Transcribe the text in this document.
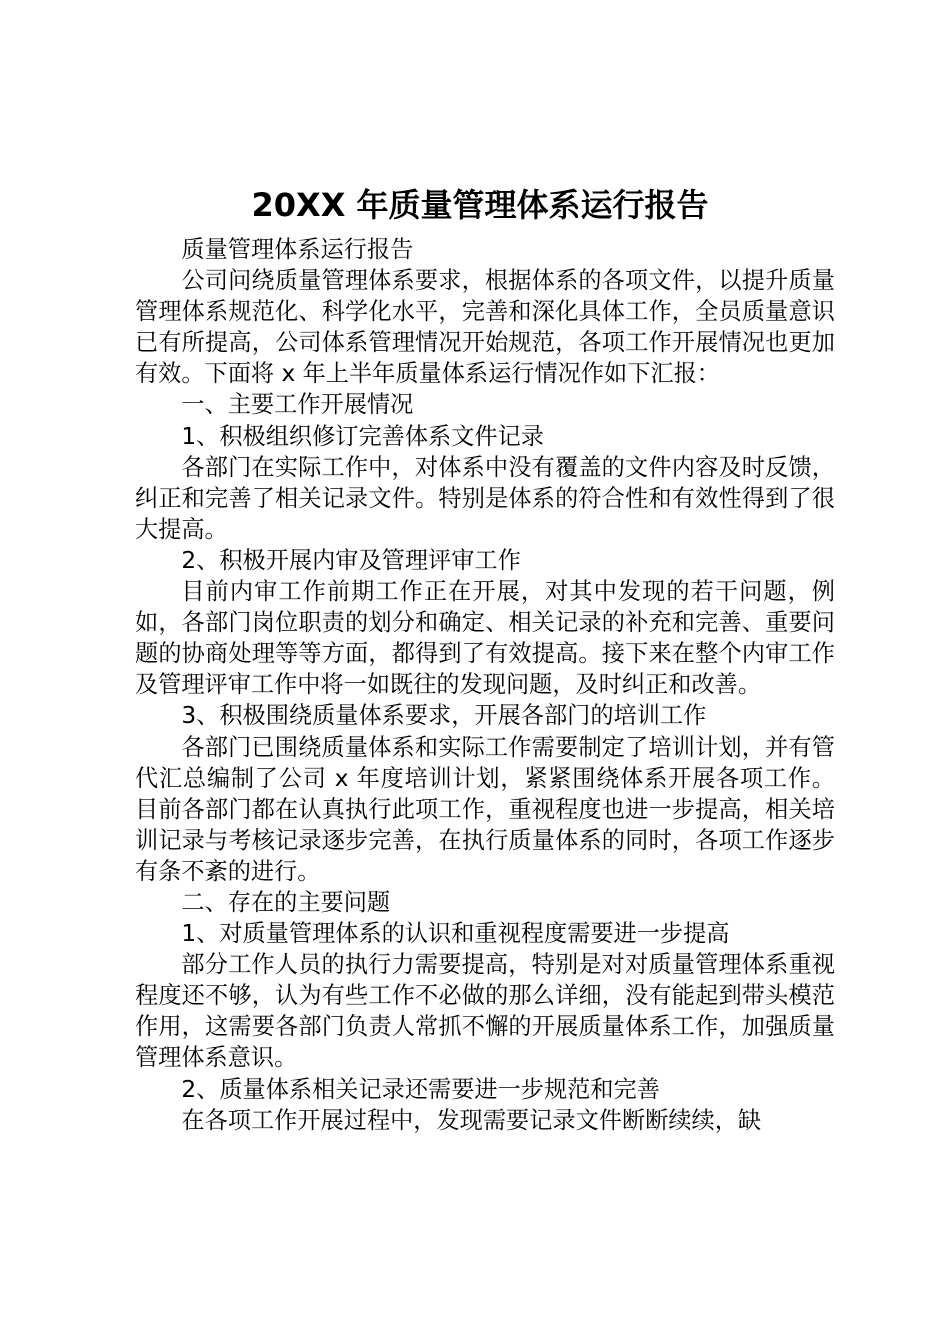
20XX 年质量管理体系运行报告

质量管理体系运行报告

公司问绕质量管理体系要求，根据体系的各项文件，以提升质量管理体系规范化、科学化水平，完善和深化具体工作，全员质量意识已有所提高，公司体系管理情况开始规范，各项工作开展情况也更加有效。下面将 x 年上半年质量体系运行情况作如下汇报：

一、主要工作开展情况

1、积极组织修订完善体系文件记录

各部门在实际工作中，对体系中没有覆盖的文件内容及时反馈，纠正和完善了相关记录文件。特别是体系的符合性和有效性得到了很大提高。

2、积极开展内审及管理评审工作

目前内审工作前期工作正在开展，对其中发现的若干问题，例如，各部门岗位职责的划分和确定、相关记录的补充和完善、重要问题的协商处理等等方面，都得到了有效提高。接下来在整个内审工作及管理评审工作中将一如既往的发现问题，及时纠正和改善。

3、积极围绕质量体系要求，开展各部门的培训工作

各部门已围绕质量体系和实际工作需要制定了培训计划，并有管代汇总编制了公司 x 年度培训计划，紧紧围绕体系开展各项工作。目前各部门都在认真执行此项工作，重视程度也进一步提高，相关培训记录与考核记录逐步完善，在执行质量体系的同时，各项工作逐步有条不紊的进行。

二、存在的主要问题

1、对质量管理体系的认识和重视程度需要进一步提高

部分工作人员的执行力需要提高，特别是对对质量管理体系重视程度还不够，认为有些工作不必做的那么详细，没有能起到带头模范作用，这需要各部门负责人常抓不懈的开展质量体系工作，加强质量管理体系意识。

2、质量体系相关记录还需要进一步规范和完善

在各项工作开展过程中，发现需要记录文件断断续续，缺
